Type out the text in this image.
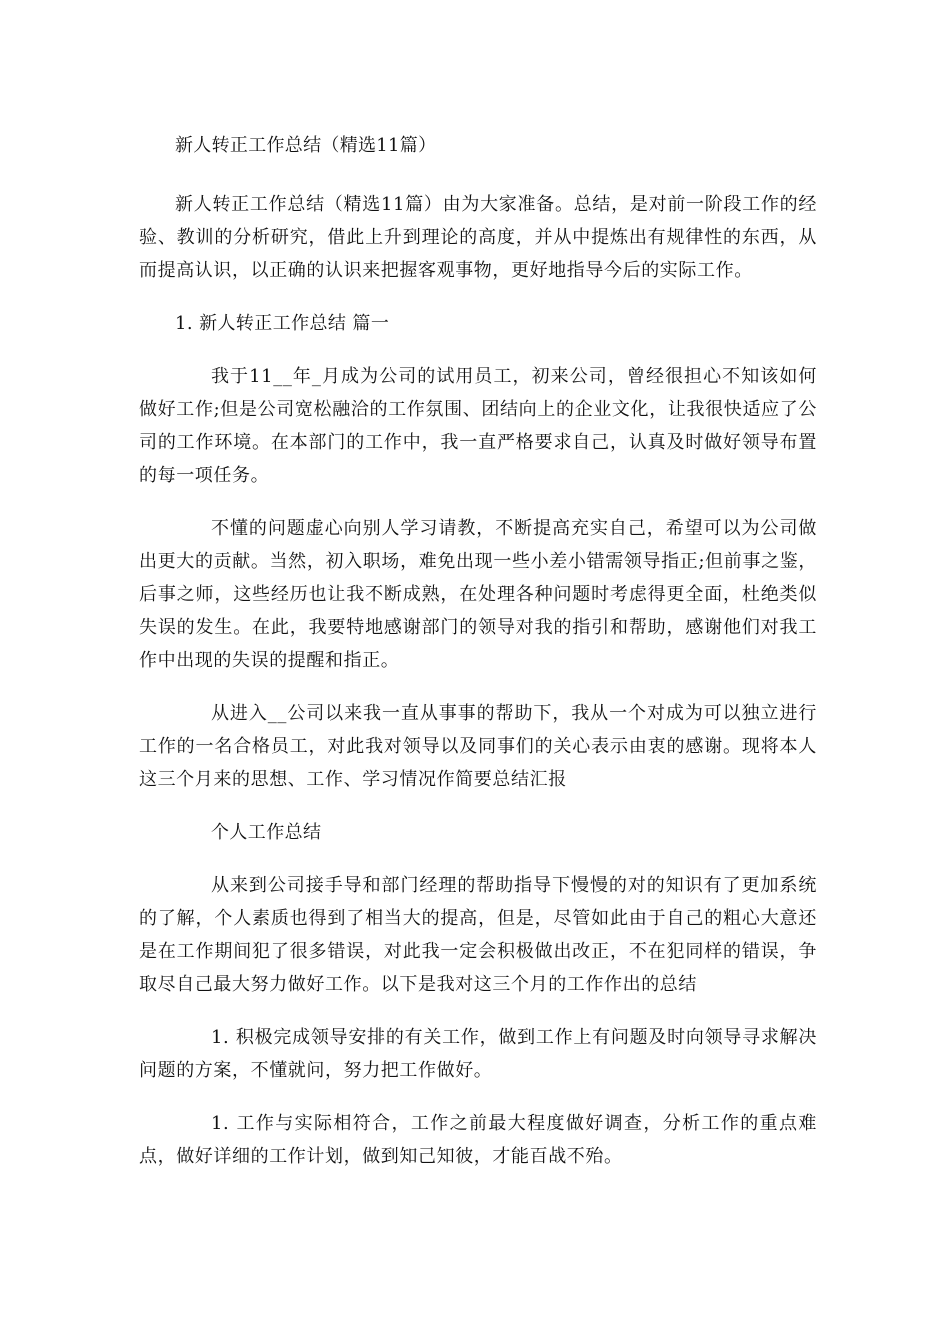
新人转正工作总结（精选11篇）

新人转正工作总结（精选11篇）由为大家准备。总结，是对前一阶段工作的经验、教训的分析研究，借此上升到理论的高度，并从中提炼出有规律性的东西，从而提高认识，以正确的认识来把握客观事物，更好地指导今后的实际工作。

1. 新人转正工作总结 篇一

我于11__年_月成为公司的试用员工，初来公司，曾经很担心不知该如何做好工作;但是公司宽松融洽的工作氛围、团结向上的企业文化，让我很快适应了公司的工作环境。在本部门的工作中，我一直严格要求自己，认真及时做好领导布置的每一项任务。

不懂的问题虚心向别人学习请教，不断提高充实自己，希望可以为公司做出更大的贡献。当然，初入职场，难免出现一些小差小错需领导指正;但前事之鉴，后事之师，这些经历也让我不断成熟，在处理各种问题时考虑得更全面，杜绝类似失误的发生。在此，我要特地感谢部门的领导对我的指引和帮助，感谢他们对我工作中出现的失误的提醒和指正。

从进入__公司以来我一直从事事的帮助下，我从一个对成为可以独立进行工作的一名合格员工，对此我对领导以及同事们的关心表示由衷的感谢。现将本人这三个月来的思想、工作、学习情况作简要总结汇报

个人工作总结

从来到公司接手导和部门经理的帮助指导下慢慢的对的知识有了更加系统的了解，个人素质也得到了相当大的提高，但是，尽管如此由于自己的粗心大意还是在工作期间犯了很多错误，对此我一定会积极做出改正，不在犯同样的错误，争取尽自己最大努力做好工作。以下是我对这三个月的工作作出的总结

1. 积极完成领导安排的有关工作，做到工作上有问题及时向领导寻求解决问题的方案，不懂就问，努力把工作做好。

1. 工作与实际相符合，工作之前最大程度做好调查，分析工作的重点难点，做好详细的工作计划，做到知己知彼，才能百战不殆。
